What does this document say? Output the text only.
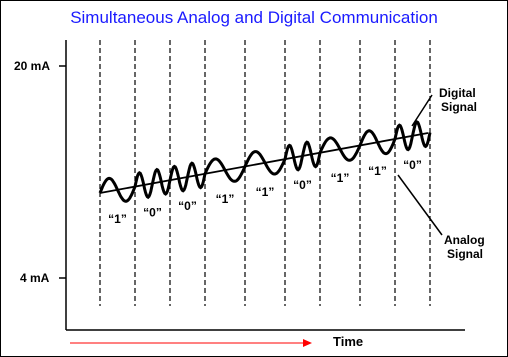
Simultaneous Analog and Digital Communication
20 mA
4 mA
“1” “0” “0” “1”
“1” “0” “1” “1” “0”
Digital
Signal
Analog
Signal
Time
